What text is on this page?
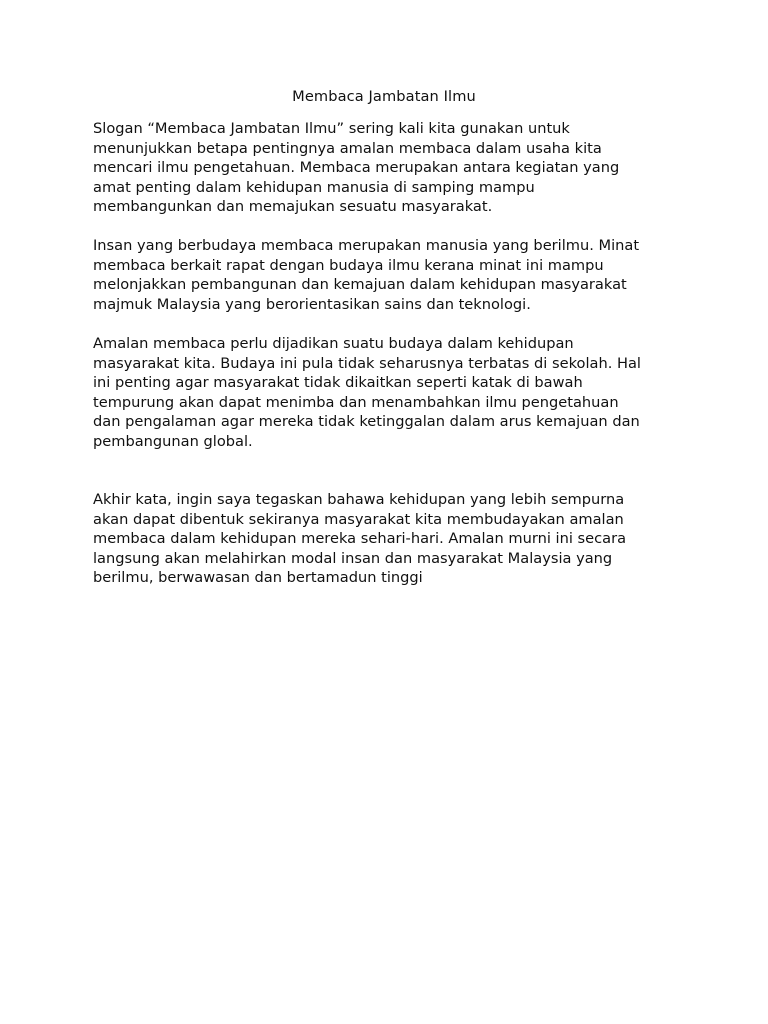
Membaca Jambatan Ilmu

Slogan “Membaca Jambatan Ilmu” sering kali kita gunakan untuk
menunjukkan betapa pentingnya amalan membaca dalam usaha kita
mencari ilmu pengetahuan. Membaca merupakan antara kegiatan yang
amat penting dalam kehidupan manusia di samping mampu
membangunkan dan memajukan sesuatu masyarakat.

Insan yang berbudaya membaca merupakan manusia yang berilmu. Minat
membaca berkait rapat dengan budaya ilmu kerana minat ini mampu
melonjakkan pembangunan dan kemajuan dalam kehidupan masyarakat
majmuk Malaysia yang berorientasikan sains dan teknologi.

Amalan membaca perlu dijadikan suatu budaya dalam kehidupan
masyarakat kita. Budaya ini pula tidak seharusnya terbatas di sekolah. Hal
ini penting agar masyarakat tidak dikaitkan seperti katak di bawah
tempurung akan dapat menimba dan menambahkan ilmu pengetahuan
dan pengalaman agar mereka tidak ketinggalan dalam arus kemajuan dan
pembangunan global.

Akhir kata, ingin saya tegaskan bahawa kehidupan yang lebih sempurna
akan dapat dibentuk sekiranya masyarakat kita membudayakan amalan
membaca dalam kehidupan mereka sehari-hari. Amalan murni ini secara
langsung akan melahirkan modal insan dan masyarakat Malaysia yang
berilmu, berwawasan dan bertamadun tinggi
